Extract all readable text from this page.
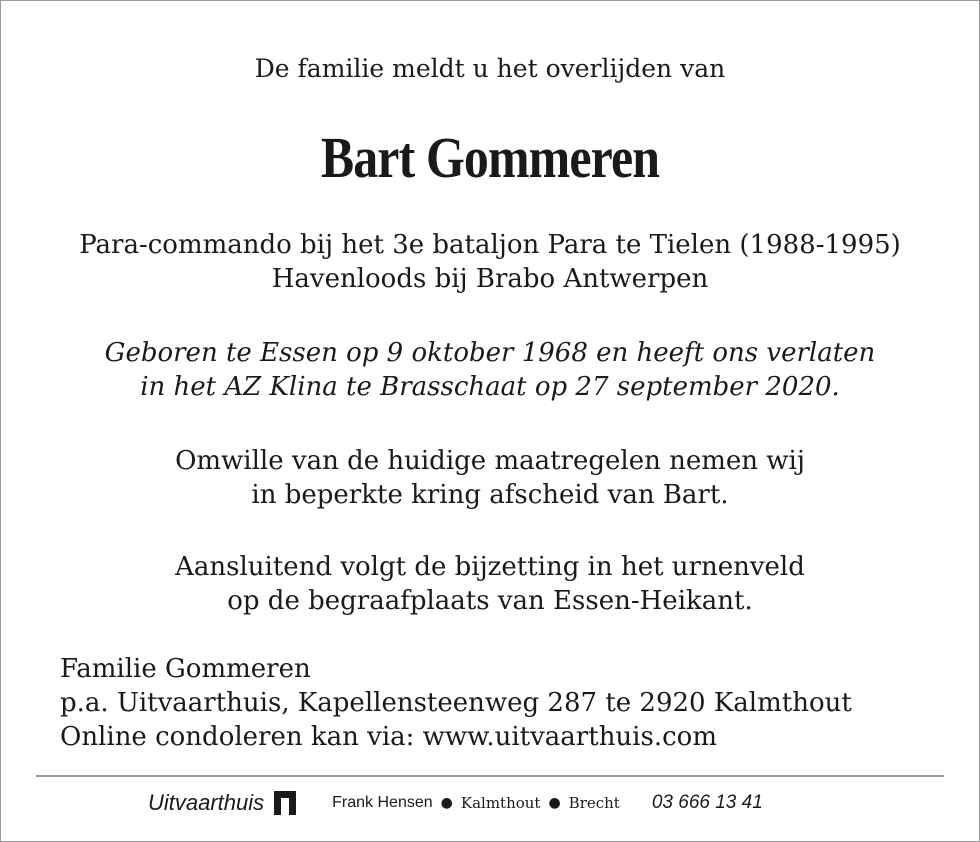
De familie meldt u het overlijden van
Bart Gommeren
Para-commando bij het 3e bataljon Para te Tielen (1988-1995)
Havenloods bij Brabo Antwerpen
Geboren te Essen op 9 oktober 1968 en heeft ons verlaten
in het AZ Klina te Brasschaat op 27 september 2020.
Omwille van de huidige maatregelen nemen wij
in beperkte kring afscheid van Bart.
Aansluitend volgt de bijzetting in het urnenveld
op de begraafplaats van Essen-Heikant.
Familie Gommeren
p.a. Uitvaarthuis, Kapellensteenweg 287 te 2920 Kalmthout
Online condoleren kan via: www.uitvaarthuis.com
Uitvaarthuis	Frank Hensen ● Kalmthout ● Brecht 03 666 13 41
